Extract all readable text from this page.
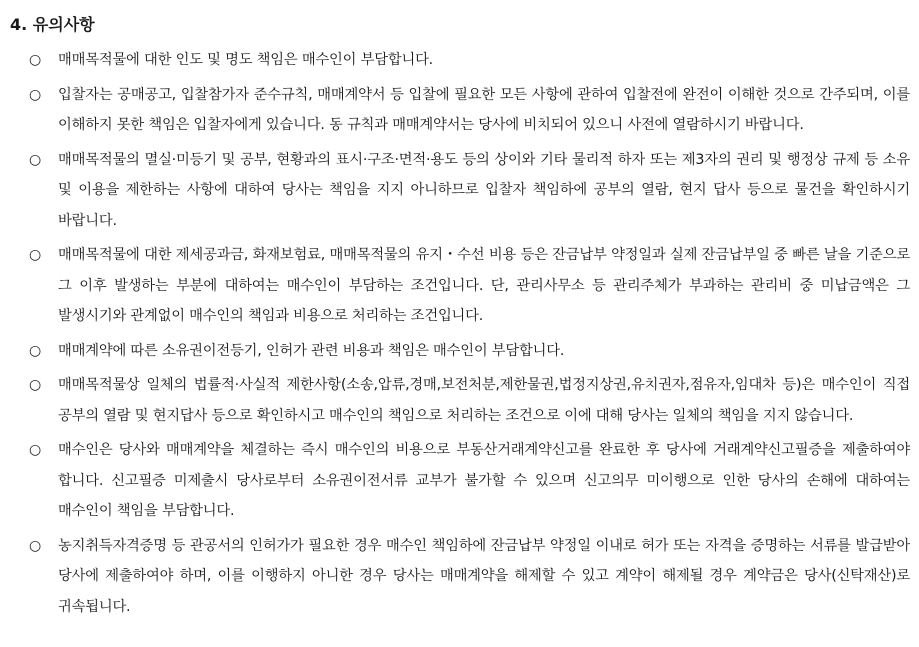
4. 유의사항
○ 매매목적물에 대한 인도 및 명도 책임은 매수인이 부담합니다.
○ 입찰자는 공매공고, 입찰참가자 준수규칙, 매매계약서 등 입찰에 필요한 모든 사항에 관하여 입찰전에 완전이 이해한 것으로 간주되며, 이를 이해하지 못한 책임은 입찰자에게 있습니다. 동 규칙과 매매계약서는 당사에 비치되어 있으니 사전에 열람하시기 바랍니다.
○ 매매목적물의 멸실·미등기 및 공부, 현황과의 표시·구조·면적·용도 등의 상이와 기타 물리적 하자 또는 제3자의 권리 및 행정상 규제 등 소유 및 이용을 제한하는 사항에 대하여 당사는 책임을 지지 아니하므로 입찰자 책임하에 공부의 열람, 현지 답사 등으로 물건을 확인하시기 바랍니다.
○ 매매목적물에 대한 제세공과금, 화재보험료, 매매목적물의 유지・수선 비용 등은 잔금납부 약정일과 실제 잔금납부일 중 빠른 날을 기준으로 그 이후 발생하는 부분에 대하여는 매수인이 부담하는 조건입니다. 단, 관리사무소 등 관리주체가 부과하는 관리비 중 미납금액은 그 발생시기와 관계없이 매수인의 책임과 비용으로 처리하는 조건입니다.
○ 매매계약에 따른 소유권이전등기, 인허가 관련 비용과 책임은 매수인이 부담합니다.
○ 매매목적물상 일체의 법률적·사실적 제한사항(소송,압류,경매,보전처분,제한물권,법정지상권,유치권자,점유자,임대차 등)은 매수인이 직접 공부의 열람 및 현지답사 등으로 확인하시고 매수인의 책임으로 처리하는 조건으로 이에 대해 당사는 일체의 책임을 지지 않습니다.
○ 매수인은 당사와 매매계약을 체결하는 즉시 매수인의 비용으로 부동산거래계약신고를 완료한 후 당사에 거래계약신고필증을 제출하여야 합니다. 신고필증 미제출시 당사로부터 소유권이전서류 교부가 불가할 수 있으며 신고의무 미이행으로 인한 당사의 손해에 대하여는 매수인이 책임을 부담합니다.
○ 농지취득자격증명 등 관공서의 인허가가 필요한 경우 매수인 책임하에 잔금납부 약정일 이내로 허가 또는 자격을 증명하는 서류를 발급받아 당사에 제출하여야 하며, 이를 이행하지 아니한 경우 당사는 매매계약을 해제할 수 있고 계약이 해제될 경우 계약금은 당사(신탁재산)로 귀속됩니다.
